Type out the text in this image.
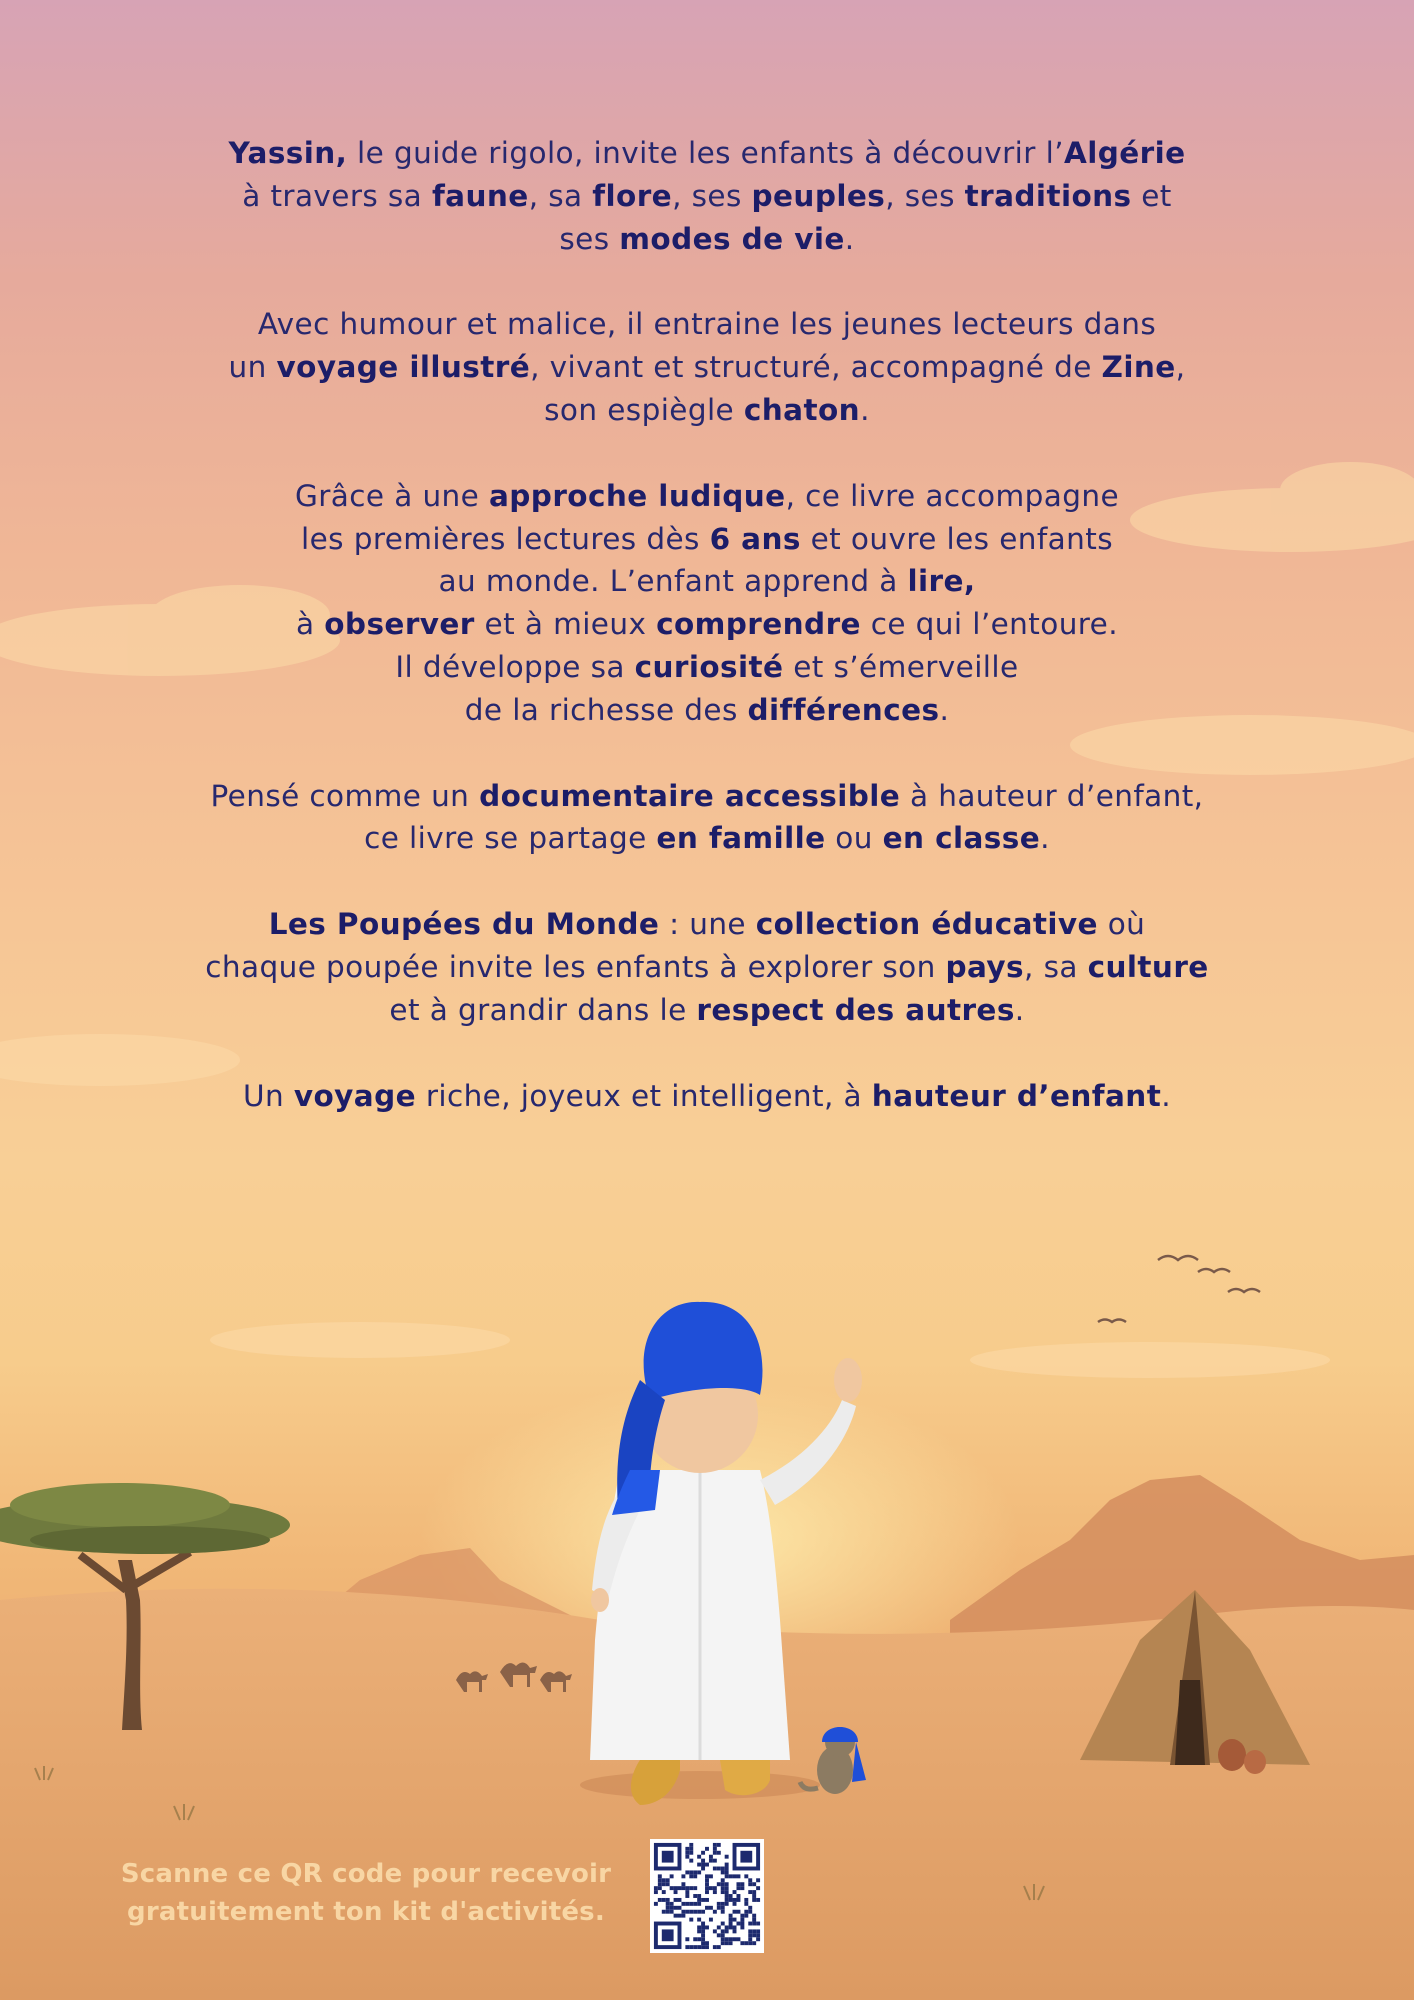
Yassin, le guide rigolo, invite les enfants à découvrir l’Algérie
à travers sa faune, sa flore, ses peuples, ses traditions et
ses modes de vie.

Avec humour et malice, il entraine les jeunes lecteurs dans
un voyage illustré, vivant et structuré, accompagné de Zine,
son espiègle chaton.

Grâce à une approche ludique, ce livre accompagne
les premières lectures dès 6 ans et ouvre les enfants
au monde. L’enfant apprend à lire,
à observer et à mieux comprendre ce qui l’entoure.
Il développe sa curiosité et s’émerveille
de la richesse des différences.

Pensé comme un documentaire accessible à hauteur d’enfant,
ce livre se partage en famille ou en classe.

Les Poupées du Monde : une collection éducative où
chaque poupée invite les enfants à explorer son pays, sa culture
et à grandir dans le respect des autres.

Un voyage riche, joyeux et intelligent, à hauteur d’enfant.

Scanne ce QR code pour recevoir
gratuitement ton kit d'activités.
